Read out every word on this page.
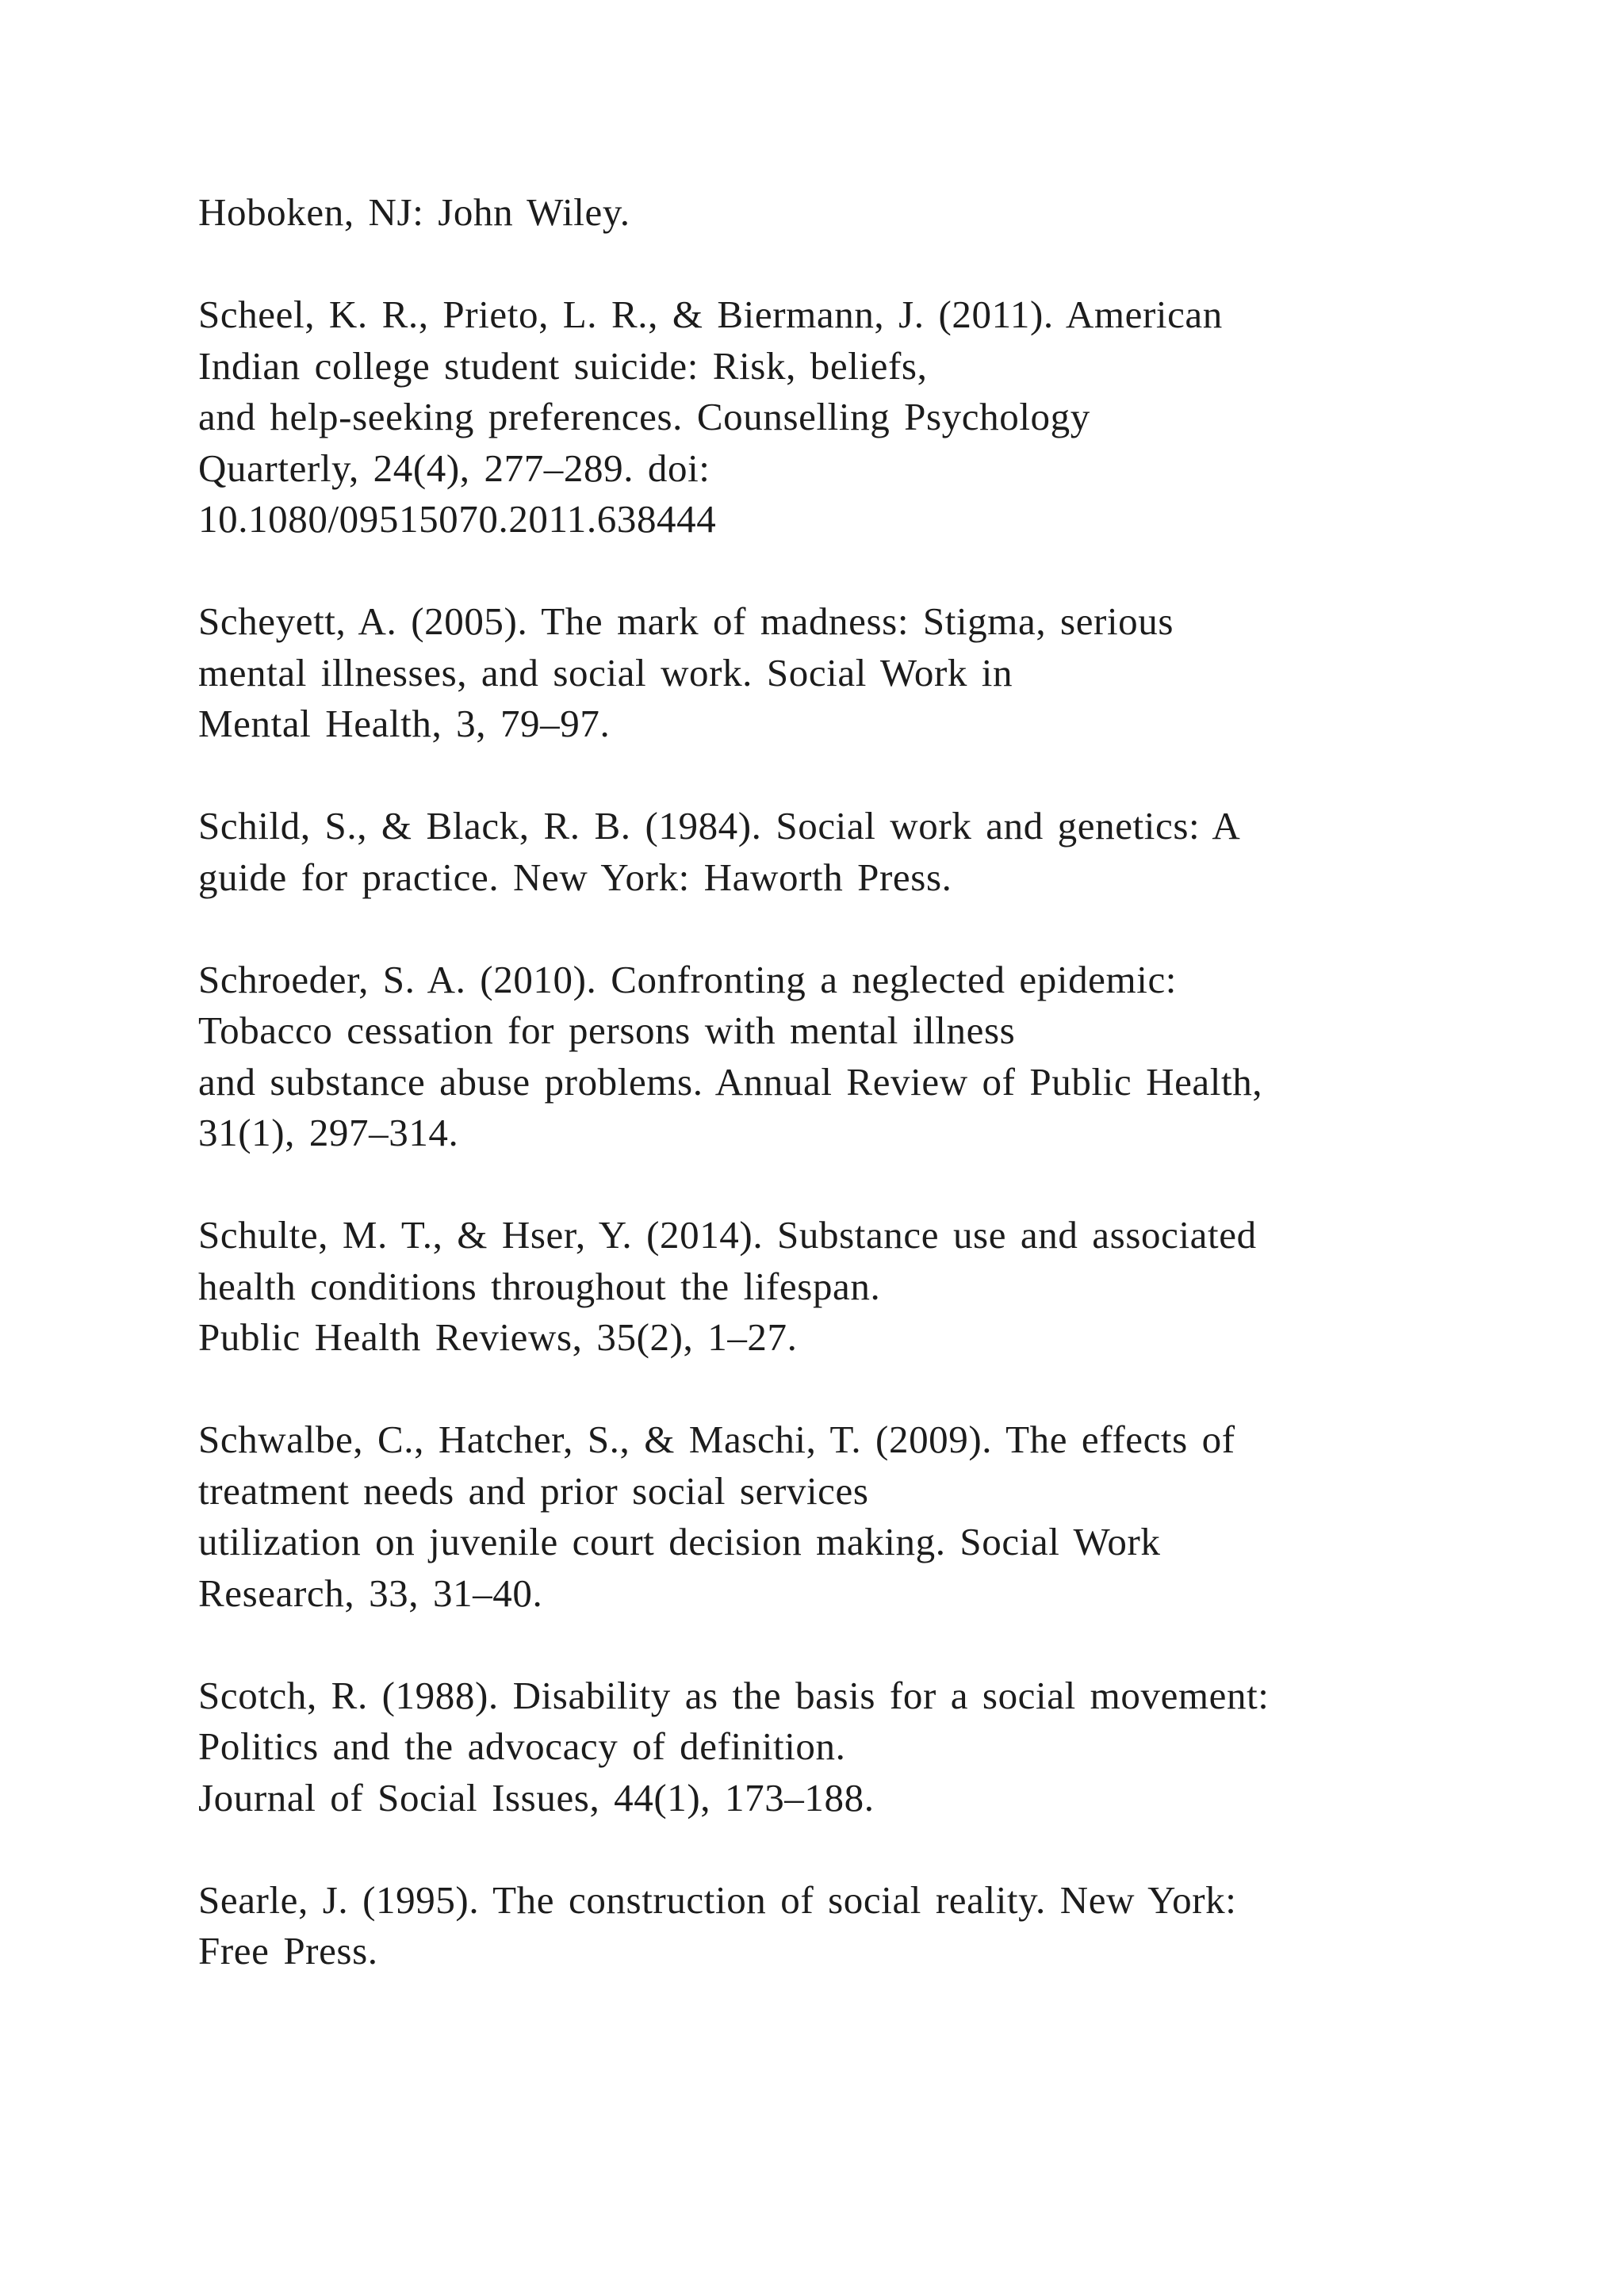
Hoboken, NJ: John Wiley.
Scheel, K. R., Prieto, L. R., & Biermann, J. (2011). American
Indian college student suicide: Risk, beliefs,
and help-seeking preferences. Counselling Psychology
Quarterly, 24(4), 277–289. doi:
10.1080/09515070.2011.638444
Scheyett, A. (2005). The mark of madness: Stigma, serious
mental illnesses, and social work. Social Work in
Mental Health, 3, 79–97.
Schild, S., & Black, R. B. (1984). Social work and genetics: A
guide for practice. New York: Haworth Press.
Schroeder, S. A. (2010). Confronting a neglected epidemic:
Tobacco cessation for persons with mental illness
and substance abuse problems. Annual Review of Public Health,
31(1), 297–314.
Schulte, M. T., & Hser, Y. (2014). Substance use and associated
health conditions throughout the lifespan.
Public Health Reviews, 35(2), 1–27.
Schwalbe, C., Hatcher, S., & Maschi, T. (2009). The effects of
treatment needs and prior social services
utilization on juvenile court decision making. Social Work
Research, 33, 31–40.
Scotch, R. (1988). Disability as the basis for a social movement:
Politics and the advocacy of definition.
Journal of Social Issues, 44(1), 173–188.
Searle, J. (1995). The construction of social reality. New York:
Free Press.
